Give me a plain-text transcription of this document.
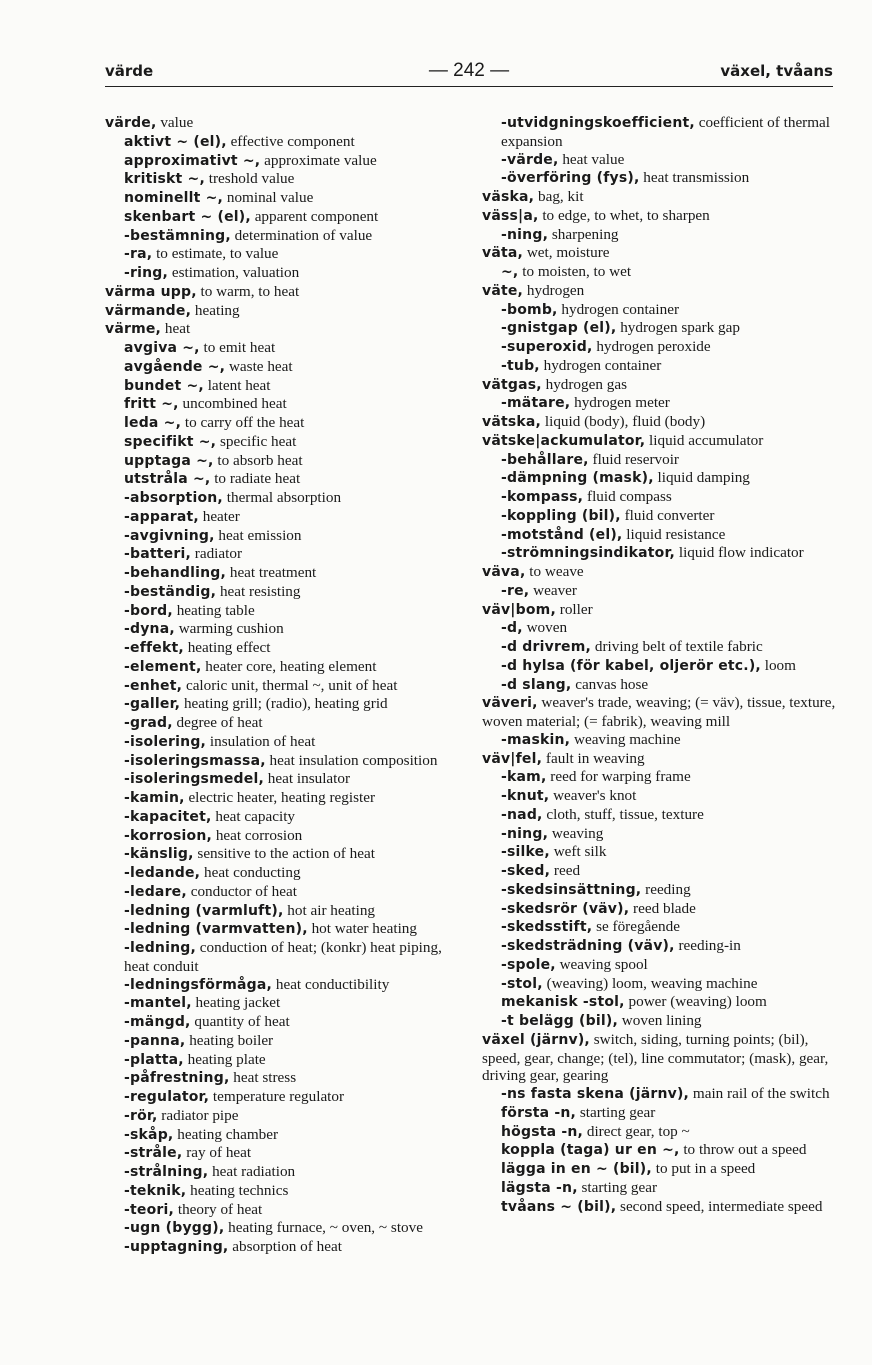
värde	— 242 —	växel, tvåans

värde, value

aktivt ~ (el), effective component

approximativt ~, approximate value

kritiskt ~, treshold value

nominellt ~, nominal value

skenbart ~ (el), apparent component

-bestämning, determination of value

-ra, to estimate, to value

-ring, estimation, valuation

värma upp, to warm, to heat

värmande, heating

värme, heat

avgiva ~, to emit heat

avgående ~, waste heat

bundet ~, latent heat

fritt ~, uncombined heat

leda ~, to carry off the heat

specifikt ~, specific heat

upptaga ~, to absorb heat

utstråla ~, to radiate heat

-absorption, thermal absorption

-apparat, heater

-avgivning, heat emission

-batteri, radiator

-behandling, heat treatment

-beständig, heat resisting

-bord, heating table

-dyna, warming cushion

-effekt, heating effect

-element, heater core, heating element

-enhet, caloric unit, thermal ~, unit of heat

-galler, heating grill; (radio), heating grid

-grad, degree of heat

-isolering, insulation of heat

-isoleringsmassa, heat insulation composition

-isoleringsmedel, heat insulator

-kamin, electric heater, heating register

-kapacitet, heat capacity

-korrosion, heat corrosion

-känslig, sensitive to the action of heat

-ledande, heat conducting

-ledare, conductor of heat

-ledning (varmluft), hot air heating

-ledning (varmvatten), hot water heating

-ledning, conduction of heat; (konkr) heat piping, heat conduit

-ledningsförmåga, heat conductibility

-mantel, heating jacket

-mängd, quantity of heat

-panna, heating boiler

-platta, heating plate

-påfrestning, heat stress

-regulator, temperature regulator

-rör, radiator pipe

-skåp, heating chamber

-stråle, ray of heat

-strålning, heat radiation

-teknik, heating technics

-teori, theory of heat

-ugn (bygg), heating furnace, ~ oven, ~ stove

-upptagning, absorption of heat

-utvidgningskoefficient, coefficient of thermal expansion

-värde, heat value

-överföring (fys), heat transmission

väska, bag, kit

väss|a, to edge, to whet, to sharpen

-ning, sharpening

väta, wet, moisture

~, to moisten, to wet

väte, hydrogen

-bomb, hydrogen container

-gnistgap (el), hydrogen spark gap

-superoxid, hydrogen peroxide

-tub, hydrogen container

vätgas, hydrogen gas

-mätare, hydrogen meter

vätska, liquid (body), fluid (body)

vätske|ackumulator, liquid accumulator

-behållare, fluid reservoir

-dämpning (mask), liquid damping

-kompass, fluid compass

-koppling (bil), fluid converter

-motstånd (el), liquid resistance

-strömningsindikator, liquid flow indicator

väva, to weave

-re, weaver

väv|bom, roller

-d, woven

-d drivrem, driving belt of textile fabric

-d hylsa (för kabel, oljerör etc.), loom

-d slang, canvas hose

väveri, weaver's trade, weaving; (= väv), tissue, texture, woven material; (= fabrik), weaving mill

-maskin, weaving machine

väv|fel, fault in weaving

-kam, reed for warping frame

-knut, weaver's knot

-nad, cloth, stuff, tissue, texture

-ning, weaving

-silke, weft silk

-sked, reed

-skedsinsättning, reeding

-skedsrör (väv), reed blade

-skedsstift, se föregående

-skedsträdning (väv), reeding-in

-spole, weaving spool

-stol, (weaving) loom, weaving machine

mekanisk -stol, power (weaving) loom

-t belägg (bil), woven lining

växel (järnv), switch, siding, turning points; (bil), speed, gear, change; (tel), line commutator; (mask), gear, driving gear, gearing

-ns fasta skena (järnv), main rail of the switch

första -n, starting gear

högsta -n, direct gear, top ~

koppla (taga) ur en ~, to throw out a speed

lägga in en ~ (bil), to put in a speed

lägsta -n, starting gear

tvåans ~ (bil), second speed, intermediate speed
